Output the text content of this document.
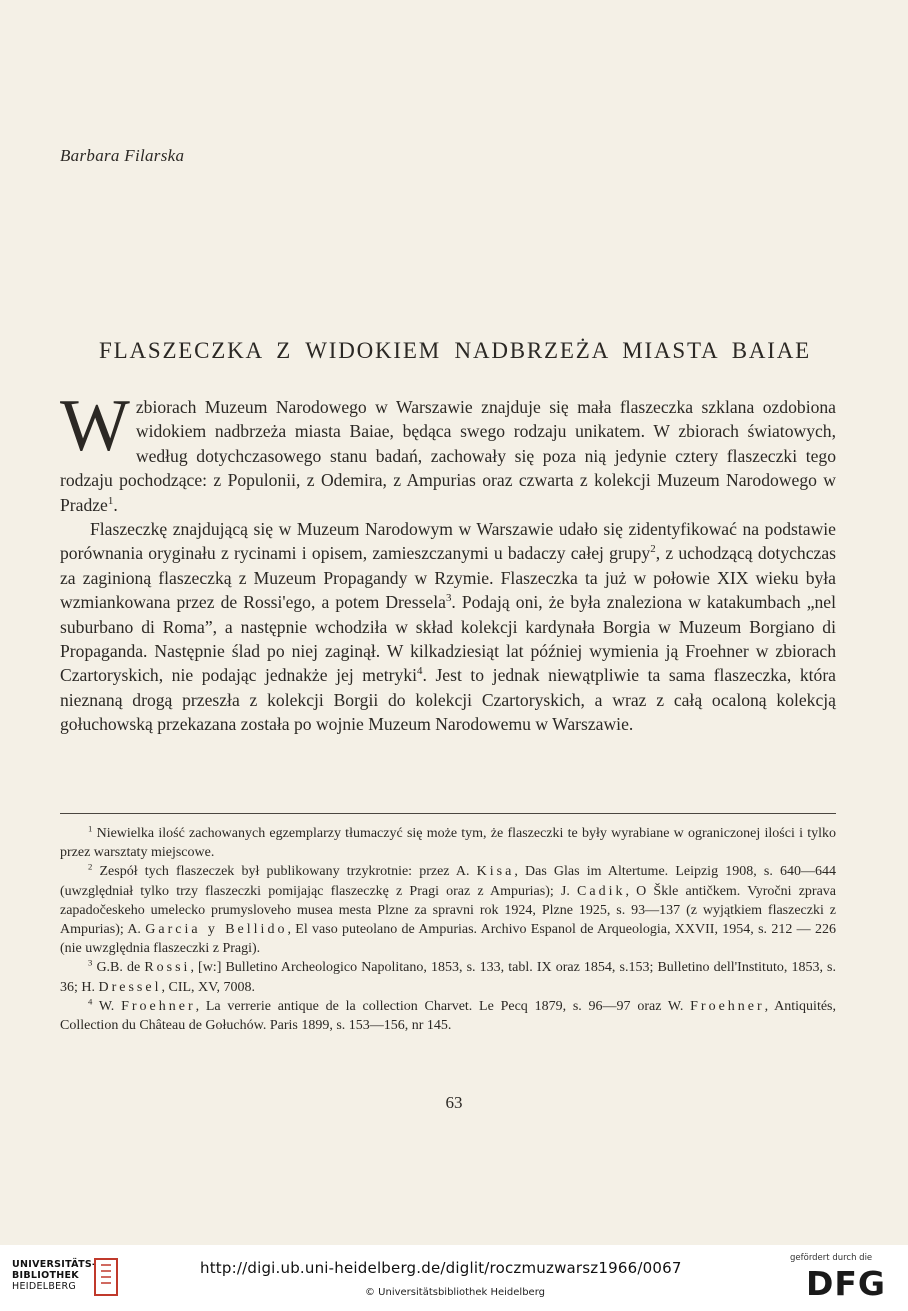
Barbara Filarska
FLASZECZKA Z WIDOKIEM NADBRZEŻA MIASTA BAIAE

W zbiorach Muzeum Narodowego w Warszawie znajduje się mała flaszeczka szklana ozdobiona widokiem nadbrzeża miasta Baiae, będąca swego rodzaju unikatem. W zbiorach światowych, według dotychczasowego stanu badań, zachowały się poza nią jedynie cztery flaszeczki tego rodzaju pochodzące: z Populonii, z Odemira, z Ampurias oraz czwarta z kolekcji Muzeum Narodowego w Pradze$^1$.

Flaszeczkę znajdującą się w Muzeum Narodowym w Warszawie udało się zidentyfikować na podstawie porównania oryginału z rycinami i opisem, zamieszczanymi u badaczy całej grupy$^2$, z uchodzącą dotychczas za zaginioną flaszeczką z Muzeum Propagandy w Rzymie. Flaszeczka ta już w połowie XIX wieku była wzmiankowana przez de Rossi'ego, a potem Dressela$^3$. Podają oni, że była znaleziona w katakumbach „nel suburbano di Roma”, a następnie wchodziła w skład kolekcji kardynała Borgia w Muzeum Borgiano di Propaganda. Następnie ślad po niej zaginął. W kilkadziesiąt lat później wymienia ją Froehner w zbiorach Czartoryskich, nie podając jednakże jej metryki$^4$. Jest to jednak niewątpliwie ta sama flaszeczka, która nieznaną drogą przeszła z kolekcji Borgii do kolekcji Czartoryskich, a wraz z całą ocaloną kolekcją gołuchowską przekazana została po wojnie Muzeum Narodowemu w Warszawie.

$^1$ Niewielka ilość zachowanych egzemplarzy tłumaczyć się może tym, że flaszeczki te były wyrabiane w ograniczonej ilości i tylko przez warsztaty miejscowe.

$^2$ Zespół tych flaszeczek był publikowany trzykrotnie: przez A. Kisa, Das Glas im Altertume. Leipzig 1908, s. 640—644 (uwzględniał tylko trzy flaszeczki pomijając flaszeczkę z Pragi oraz z Ampurias); J. Cadik, O Škle antičkem. Vyročni zprava zapadočeskeho umelecko prumysloveho musea mesta Plzne za spravni rok 1924, Plzne 1925, s. 93—137 (z wyjątkiem flaszeczki z Ampurias); A. Garcia y Bellido, El vaso puteolano de Ampurias. Archivo Espanol de Arqueologia, XXVII, 1954, s. 212 — 226 (nie uwzględnia flaszeczki z Pragi).

$^3$ G.B. de Rossi, [w:] Bulletino Archeologico Napolitano, 1853, s. 133, tabl. IX oraz 1854, s.153; Bulletino dell'Instituto, 1853, s. 36; H. Dressel, CIL, XV, 7008.

$^4$ W. Froehner, La verrerie antique de la collection Charvet. Le Pecq 1879, s. 96—97 oraz W. Froehner, Antiquités, Collection du Château de Gołuchów. Paris 1899, s. 153—156, nr 145.

63
UNIVERSITÄTS-
BIBLIOTHEK
HEIDELBERG
http://digi.ub.uni-heidelberg.de/diglit/roczmuzwarsz1966/0067
© Universitätsbibliothek Heidelberg
gefördert durch die
DFG
